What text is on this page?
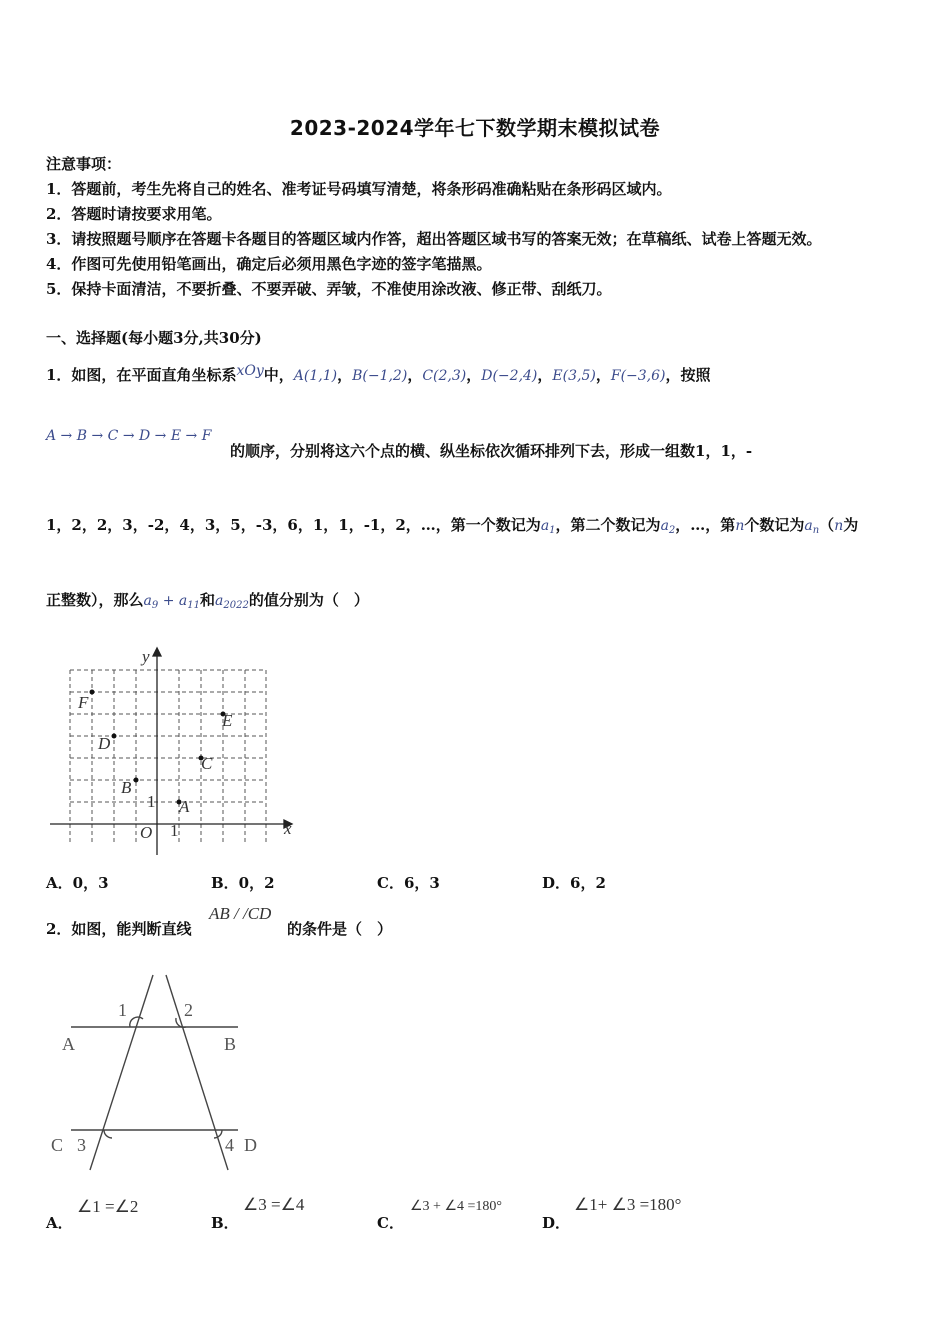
2023-2024学年七下数学期末模拟试卷
注意事项：
1．答题前，考生先将自己的姓名、准考证号码填写清楚，将条形码准确粘贴在条形码区域内。
2．答题时请按要求用笔。
3．请按照题号顺序在答题卡各题目的答题区域内作答，超出答题区域书写的答案无效；在草稿纸、试卷上答题无效。
4．作图可先使用铅笔画出，确定后必须用黑色字迹的签字笔描黑。
5．保持卡面清洁，不要折叠、不要弄破、弄皱，不准使用涂改液、修正带、刮纸刀。
一、选择题(每小题3分,共30分)
1．如图，在平面直角坐标系xOy中，A(1,1)，B(−1,2)，C(2,3)，D(−2,4)，E(3,5)，F(−3,6)，按照
A → B → C → D → E → F
的顺序，分别将这六个点的横、纵坐标依次循环排列下去，形成一组数1，1，-
1，2，2，3，-2，4，3，5，-3，6，1，1，-1，2，…，第一个数记为$a_1$，第二个数记为$a_2$，…，第n个数记为$a_n(n$为
正整数），那么$a_9 + a_{11}$和$a_{2022}$的值分别为（　）
y
x
O 1
1
F
E
D
C
B
A
A．0，3	B．0，2	C．6，3	D．6，2
2．如图，能判断直线
AB / /CD
的条件是（　）
1	2
3	4
A	B
C	D
A．
∠1 =∠2
B．
∠3 =∠4
C．
∠3 + ∠4 =180°
D．
∠1+ ∠3 =180°
